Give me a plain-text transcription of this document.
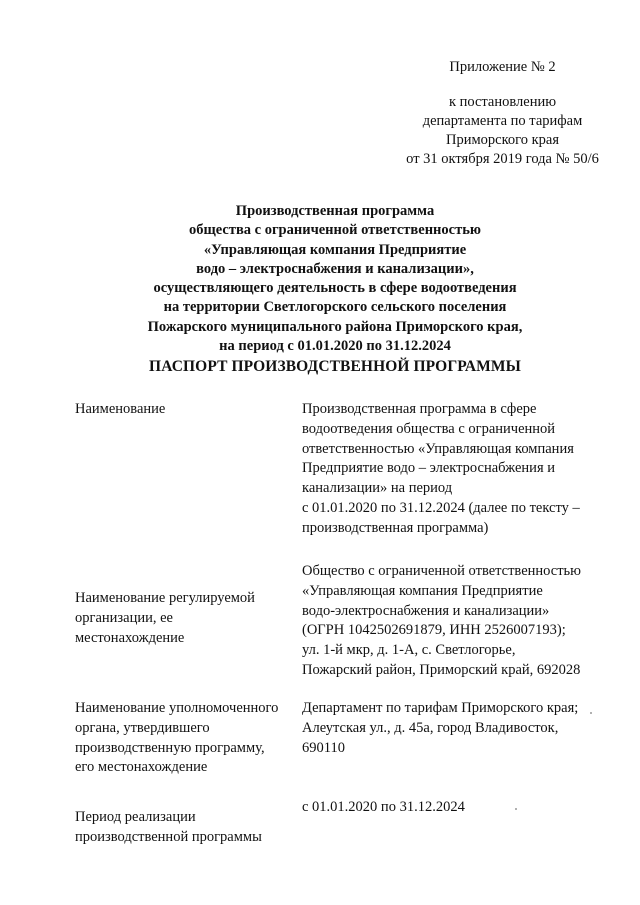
Приложение № 2
к постановлению
департамента по тарифам
Приморского края
от 31 октября 2019 года № 50/6
Производственная программа
общества с ограниченной ответственностью
«Управляющая компания Предприятие
водо – электроснабжения и канализации»,
осуществляющего деятельность в сфере водоотведения
на территории Светлогорского сельского поселения
Пожарского муниципального района Приморского края,
на период с 01.01.2020 по 31.12.2024
ПАСПОРТ ПРОИЗВОДСТВЕННОЙ ПРОГРАММЫ
Наименование	Производственная программа в сфере
водоотведения общества с ограниченной
ответственностью «Управляющая компания
Предприятие водо – электроснабжения и
канализации» на период
с 01.01.2020 по 31.12.2024 (далее по тексту –
производственная программа)
Наименование регулируемой
организации, ее
местонахождение
Общество с ограниченной ответственностью
«Управляющая компания Предприятие
водо-электроснабжения и канализации»
(ОГРН 1042502691879, ИНН 2526007193);
ул. 1-й мкр, д. 1-А, с. Светлогорье,
Пожарский район, Приморский край, 692028
Наименование уполномоченного
органа, утвердившего
производственную программу,
его местонахождение
Департамент по тарифам Приморского края;
Алеутская ул., д. 45а, город Владивосток,
690110
Период реализации
производственной программы
с 01.01.2020 по 31.12.2024
